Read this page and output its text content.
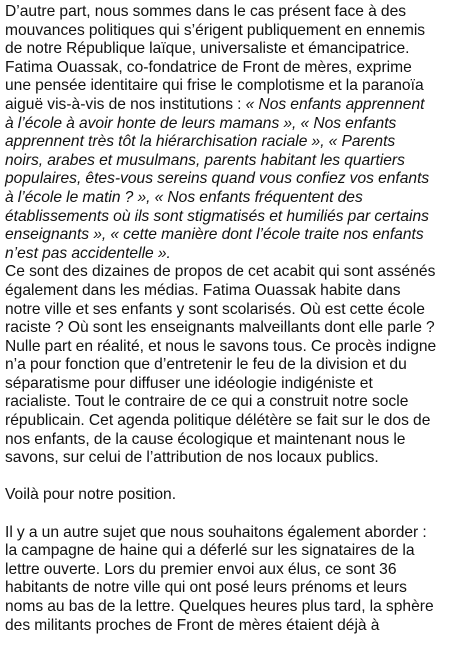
D’autre part, nous sommes dans le cas présent face à des
mouvances politiques qui s’érigent publiquement en ennemis
de notre République laïque, universaliste et émancipatrice.
Fatima Ouassak, co-fondatrice de Front de mères, exprime
une pensée identitaire qui frise le complotisme et la paranoïa
aiguë vis-à-vis de nos institutions : « Nos enfants apprennent
à l’école à avoir honte de leurs mamans », « Nos enfants
apprennent très tôt la hiérarchisation raciale », « Parents
noirs, arabes et musulmans, parents habitant les quartiers
populaires, êtes-vous sereins quand vous confiez vos enfants
à l’école le matin ? », « Nos enfants fréquentent des
établissements où ils sont stigmatisés et humiliés par certains
enseignants », « cette manière dont l’école traite nos enfants
n’est pas accidentelle ».
Ce sont des dizaines de propos de cet acabit qui sont assénés
également dans les médias. Fatima Ouassak habite dans
notre ville et ses enfants y sont scolarisés. Où est cette école
raciste ? Où sont les enseignants malveillants dont elle parle ?
Nulle part en réalité, et nous le savons tous. Ce procès indigne
n’a pour fonction que d’entretenir le feu de la division et du
séparatisme pour diffuser une idéologie indigéniste et
racialiste. Tout le contraire de ce qui a construit notre socle
républicain. Cet agenda politique délétère se fait sur le dos de
nos enfants, de la cause écologique et maintenant nous le
savons, sur celui de l’attribution de nos locaux publics.
Voilà pour notre position.
Il y a un autre sujet que nous souhaitons également aborder :
la campagne de haine qui a déferlé sur les signataires de la
lettre ouverte. Lors du premier envoi aux élus, ce sont 36
habitants de notre ville qui ont posé leurs prénoms et leurs
noms au bas de la lettre. Quelques heures plus tard, la sphère
des militants proches de Front de mères étaient déjà à
